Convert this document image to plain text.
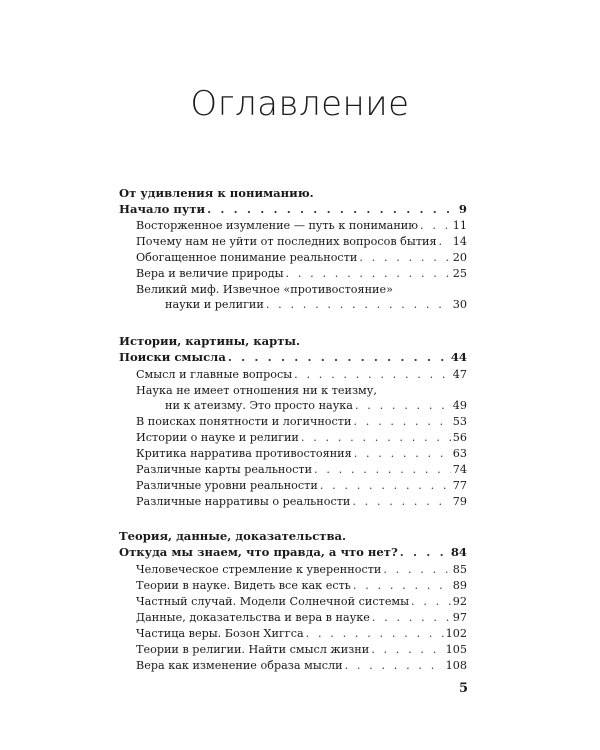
Оглавление
От удивления к пониманию.
Начало пути . . .	9
Восторженное изумление — путь к пониманию . . .	11
Почему нам не уйти от последних вопросов бытия . . . 14
Обогащенное понимание реальности . . .	20
Вера и величие природы . . .	25
Великий миф. Извечное «противостояние»
науки и религии . . .	30
Истории, картины, карты.
Поиски смысла . . .	44
Смысл и главные вопросы . . .	47
Наука не имеет отношения ни к теизму,
ни к атеизму. Это просто наука . . .	49
В поисках понятности и логичности . . .	53
Истории о науке и религии . . .	56
Критика нарратива противостояния . . .	63
Различные карты реальности . . .	74
Различные уровни реальности . . .	77
Различные нарративы о реальности . . .	79
Теория, данные, доказательства.
Откуда мы знаем, что правда, а что нет? . . .	84
Человеческое стремление к уверенности . . .	85
Теории в науке. Видеть все как есть . . .	89
Частный случай. Модели Солнечной системы . . .	92
Данные, доказательства и вера в науке . . .	97
Частица веры. Бозон Хиггса . . .	102
Теории в религии. Найти смысл жизни . . .	105
Вера как изменение образа мысли . . .	108
5
